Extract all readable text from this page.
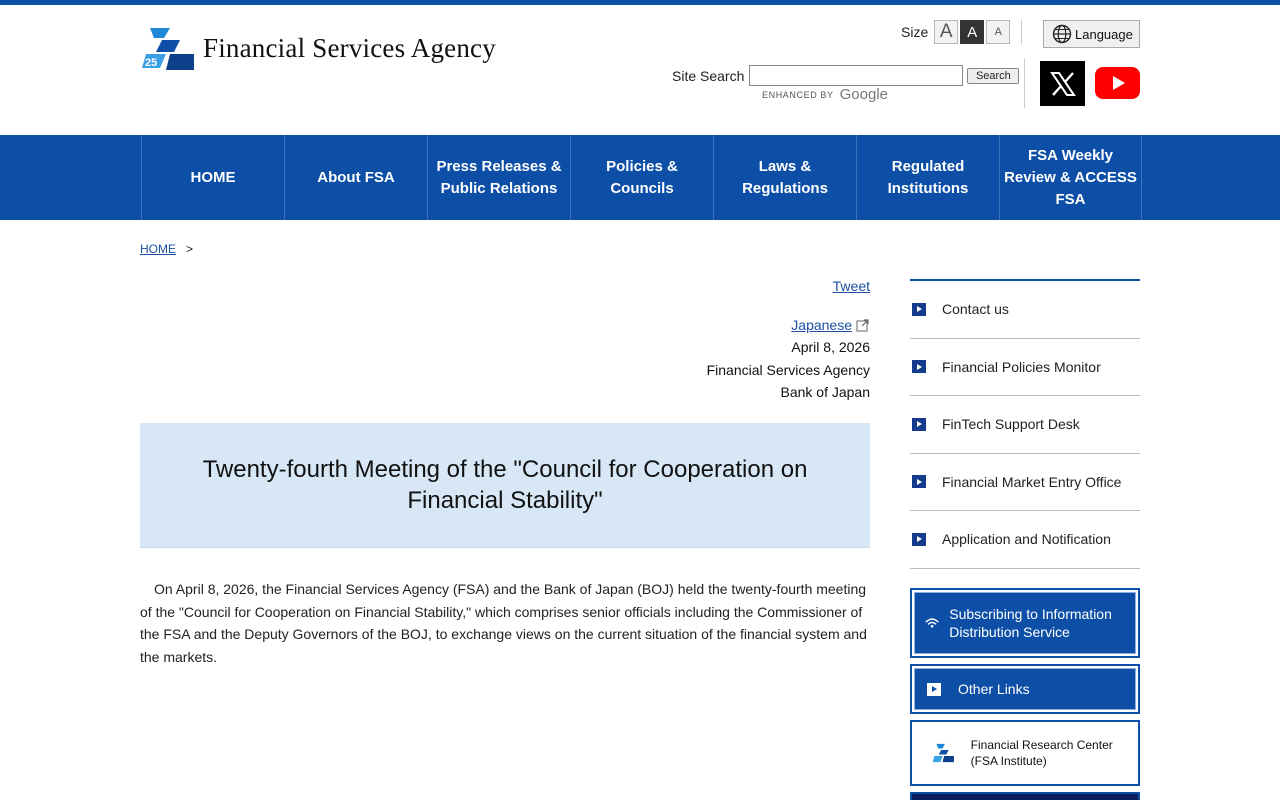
25
Financial Services Agency
Size A A	A	Language
Site Search	Search
ENHANCED BY Google
HOME	About FSA
Press Releases & Public Relations
Policies & Councils
Laws & Regulations
Regulated Institutions
FSA Weekly Review & ACCESS FSA
HOME >
Tweet
Japanese
April 8, 2026
Financial Services Agency
Bank of Japan
Twenty-fourth Meeting of the "Council for Cooperation on Financial Stability"

On April 8, 2026, the Financial Services Agency (FSA) and the Bank of Japan (BOJ) held the twenty-fourth meeting of the "Council for Cooperation on Financial Stability," which comprises senior officials including the Commissioner of the FSA and the Deputy Governors of the BOJ, to exchange views on the current situation of the financial system and the markets.

Contact us
Financial Policies Monitor
FinTech Support Desk
Financial Market Entry Office
Application and Notification
Subscribing to Information Distribution Service
Other Links
Financial Research Center (FSA Institute)
